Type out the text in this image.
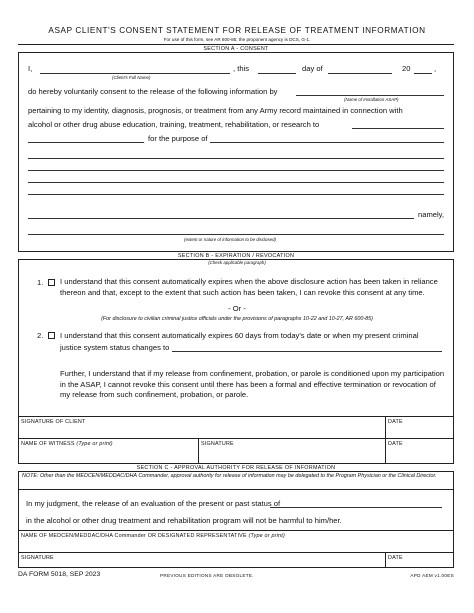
ASAP CLIENT'S CONSENT STATEMENT FOR RELEASE OF TREATMENT INFORMATION
For use of this form, see AR 600-85; the proponent agency is DCS, G-1.
SECTION A - CONSENT
I,
(Client's Full Name)
, this	day of	20	,
do hereby voluntarily consent to the release of the following information by
(Name of Installation ASAP)
pertaining to my identity, diagnosis, prognosis, or treatment from any Army record maintained in connection with
alcohol or other drug abuse education, training, treatment, rehabilitation, or research to
for the purpose of
namely,
(extent or nature of information to be disclosed)
SECTION B - EXPIRATION / REVOCATION
(Check applicable paragraph)
1. I understand that this consent automatically expires when the above disclosure action has been taken in reliance thereon and that, except to the extent that such action has been taken, I can revoke this consent at any time.
- Or -
(For disclosure to civilian criminal justice officials under the provisions of paragraphs 10-22 and 10-27, AR 600-85)
2. I understand that this consent automatically expires 60 days from today's date or when my present criminal
justice system status changes to
Further, I understand that if my release from confinement, probation, or parole is conditioned upon my participation in the ASAP, I cannot revoke this consent until there has been a formal and effective termination or revocation of my release from such confinement, probation, or parole.
SIGNATURE OF CLIENT	DATE
NAME OF WITNESS (Type or print)	SIGNATURE	DATE
SECTION C - APPROVAL AUTHORITY FOR RELEASE OF INFORMATION
NOTE: Other than the MEDCEN/MEDDAC/DHA Commander, approval authority for release of information may be delegated to the Program Physician or the Clinical Director.
In my judgment, the release of an evaluation of the present or past status of
in the alcohol or other drug treatment and rehabilitation program will not be harmful to him/her.
NAME OF MEDCEN/MEDDAC/DHA Commander OR DESIGNATED REPRESENTATIVE (Type or print)
SIGNATURE	DATE
DA FORM 5018, SEP 2023	PREVIOUS EDITIONS ARE OBSOLETE.	APD AEM v1.00ES
